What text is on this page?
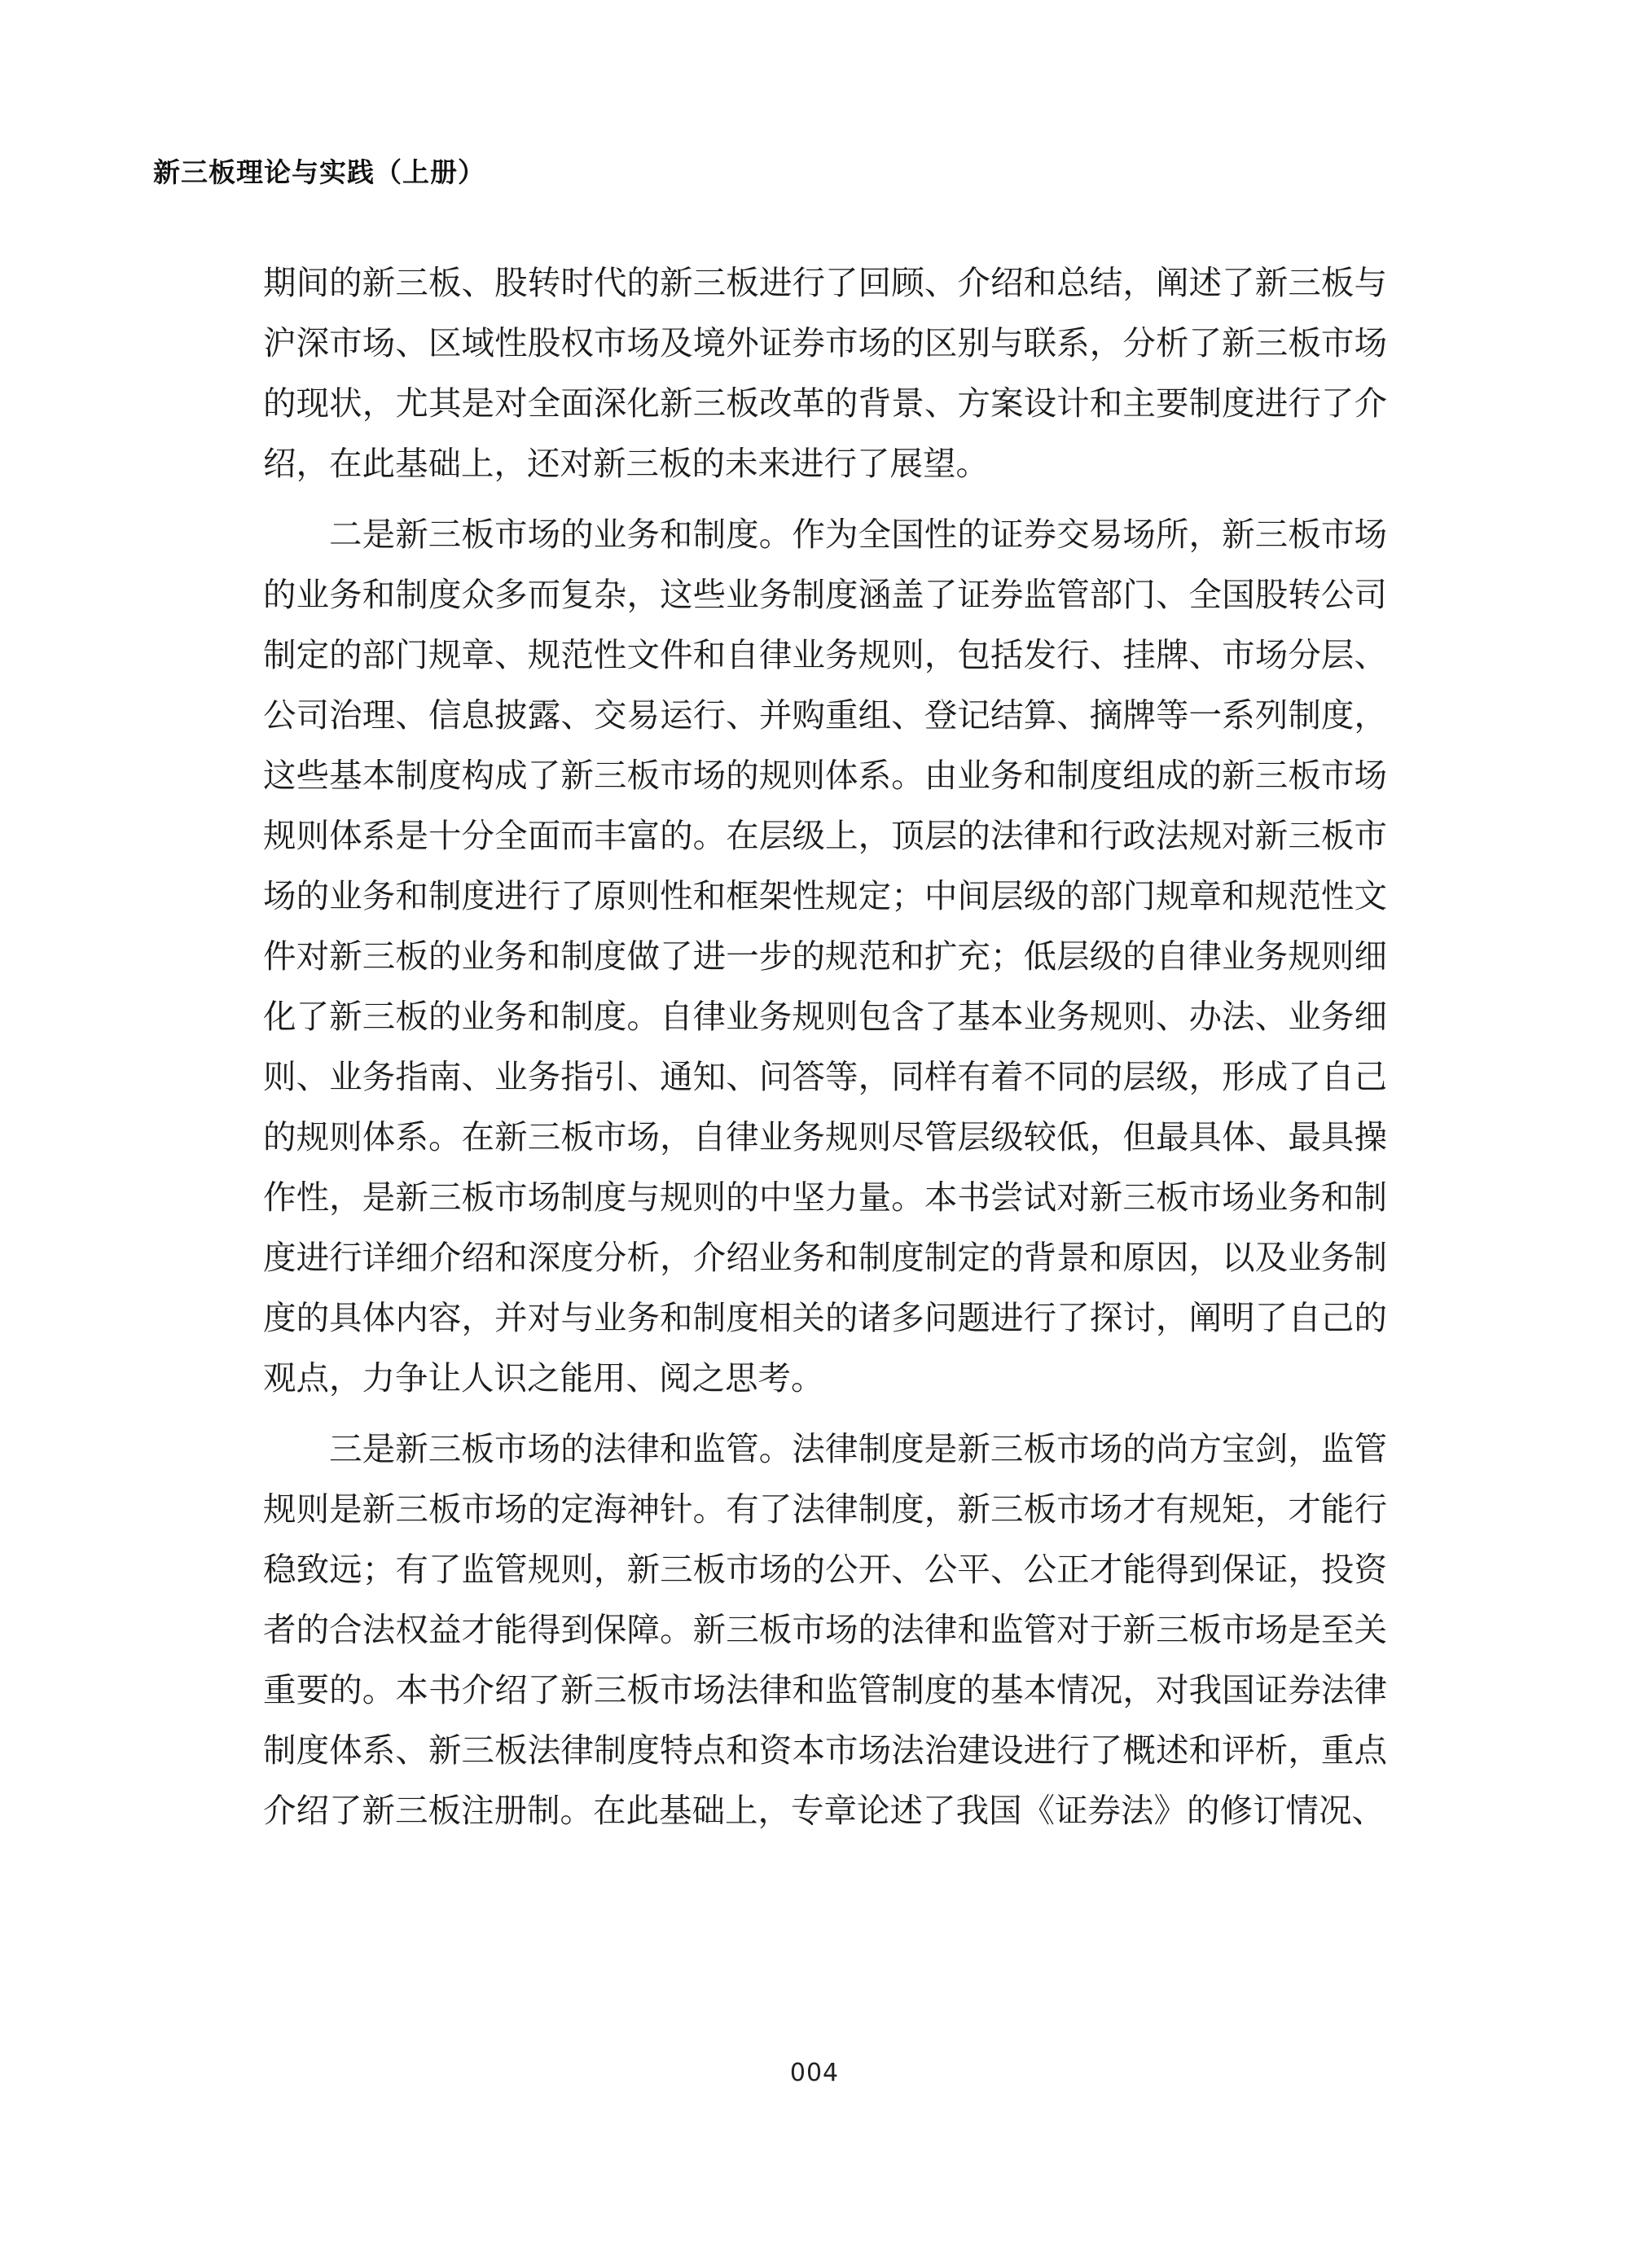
新三板理论与实践（上册）

期间的新三板、股转时代的新三板进行了回顾、介绍和总结，阐述了新三板与沪深市场、区域性股权市场及境外证券市场的区别与联系，分析了新三板市场的现状，尤其是对全面深化新三板改革的背景、方案设计和主要制度进行了介绍，在此基础上，还对新三板的未来进行了展望。

二是新三板市场的业务和制度。作为全国性的证券交易场所，新三板市场的业务和制度众多而复杂，这些业务制度涵盖了证券监管部门、全国股转公司制定的部门规章、规范性文件和自律业务规则，包括发行、挂牌、市场分层、公司治理、信息披露、交易运行、并购重组、登记结算、摘牌等一系列制度，这些基本制度构成了新三板市场的规则体系。由业务和制度组成的新三板市场规则体系是十分全面而丰富的。在层级上，顶层的法律和行政法规对新三板市场的业务和制度进行了原则性和框架性规定；中间层级的部门规章和规范性文件对新三板的业务和制度做了进一步的规范和扩充；低层级的自律业务规则细化了新三板的业务和制度。自律业务规则包含了基本业务规则、办法、业务细则、业务指南、业务指引、通知、问答等，同样有着不同的层级，形成了自己的规则体系。在新三板市场，自律业务规则尽管层级较低，但最具体、最具操作性，是新三板市场制度与规则的中坚力量。本书尝试对新三板市场业务和制度进行详细介绍和深度分析，介绍业务和制度制定的背景和原因，以及业务制度的具体内容，并对与业务和制度相关的诸多问题进行了探讨，阐明了自己的观点，力争让人识之能用、阅之思考。

三是新三板市场的法律和监管。法律制度是新三板市场的尚方宝剑，监管规则是新三板市场的定海神针。有了法律制度，新三板市场才有规矩，才能行稳致远；有了监管规则，新三板市场的公开、公平、公正才能得到保证，投资者的合法权益才能得到保障。新三板市场的法律和监管对于新三板市场是至关重要的。本书介绍了新三板市场法律和监管制度的基本情况，对我国证券法律制度体系、新三板法律制度特点和资本市场法治建设进行了概述和评析，重点介绍了新三板注册制。在此基础上，专章论述了我国《证券法》的修订情况、

004
